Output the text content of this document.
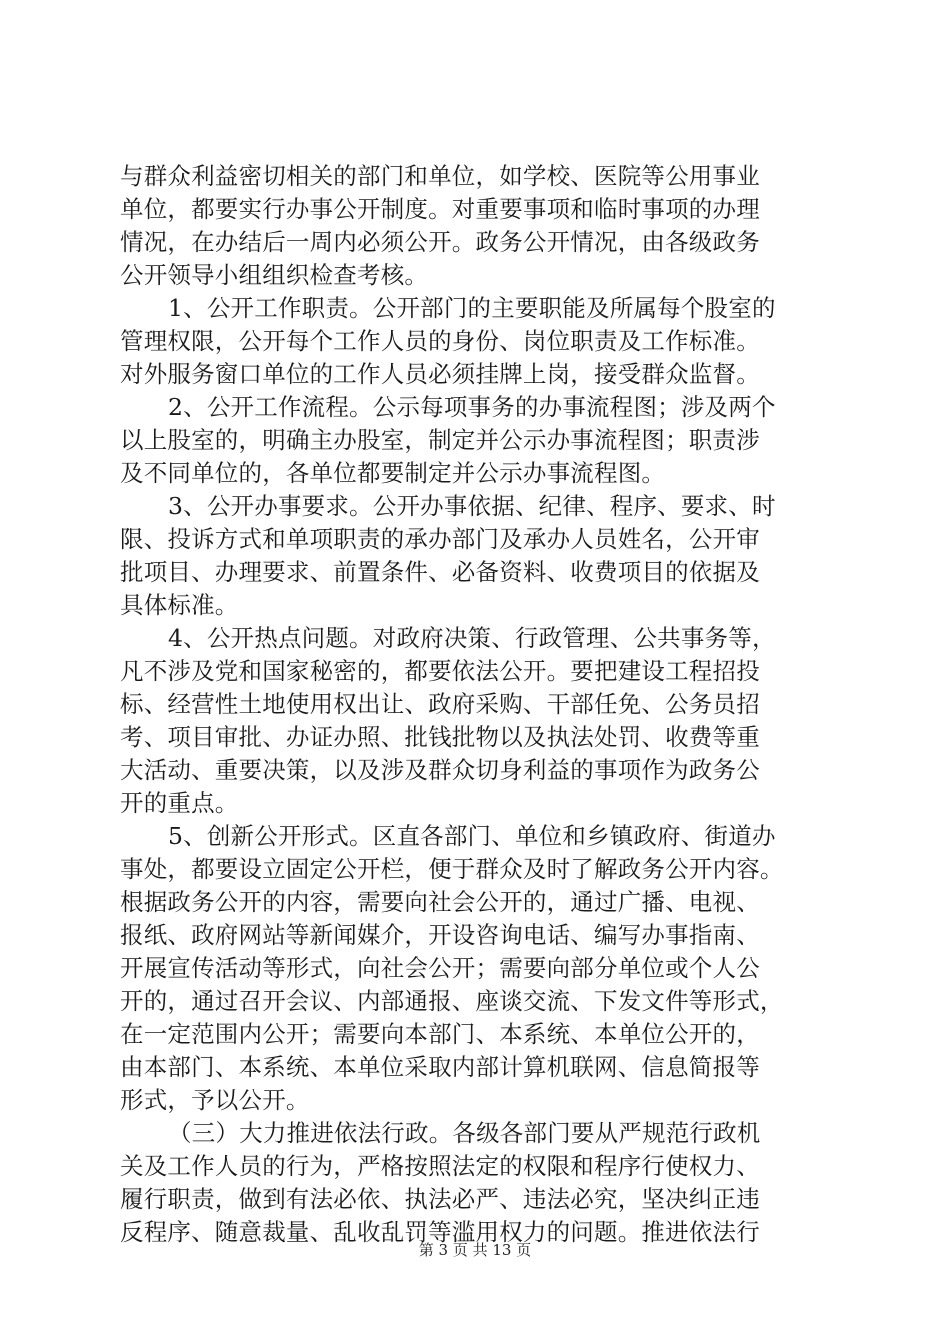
与群众利益密切相关的部门和单位，如学校、医院等公用事业
单位，都要实行办事公开制度。对重要事项和临时事项的办理
情况，在办结后一周内必须公开。政务公开情况，由各级政务
公开领导小组组织检查考核。
1、公开工作职责。公开部门的主要职能及所属每个股室的
管理权限，公开每个工作人员的身份、岗位职责及工作标准。
对外服务窗口单位的工作人员必须挂牌上岗，接受群众监督。
2、公开工作流程。公示每项事务的办事流程图；涉及两个
以上股室的，明确主办股室，制定并公示办事流程图；职责涉
及不同单位的，各单位都要制定并公示办事流程图。
3、公开办事要求。公开办事依据、纪律、程序、要求、时
限、投诉方式和单项职责的承办部门及承办人员姓名，公开审
批项目、办理要求、前置条件、必备资料、收费项目的依据及
具体标准。
4、公开热点问题。对政府决策、行政管理、公共事务等，
凡不涉及党和国家秘密的，都要依法公开。要把建设工程招投
标、经营性土地使用权出让、政府采购、干部任免、公务员招
考、项目审批、办证办照、批钱批物以及执法处罚、收费等重
大活动、重要决策，以及涉及群众切身利益的事项作为政务公
开的重点。
5、创新公开形式。区直各部门、单位和乡镇政府、街道办
事处，都要设立固定公开栏，便于群众及时了解政务公开内容。
根据政务公开的内容，需要向社会公开的，通过广播、电视、
报纸、政府网站等新闻媒介，开设咨询电话、编写办事指南、
开展宣传活动等形式，向社会公开；需要向部分单位或个人公
开的，通过召开会议、内部通报、座谈交流、下发文件等形式，
在一定范围内公开；需要向本部门、本系统、本单位公开的，
由本部门、本系统、本单位采取内部计算机联网、信息简报等
形式，予以公开。
（三）大力推进依法行政。各级各部门要从严规范行政机
关及工作人员的行为，严格按照法定的权限和程序行使权力、
履行职责，做到有法必依、执法必严、违法必究，坚决纠正违
反程序、随意裁量、乱收乱罚等滥用权力的问题。推进依法行
第 3 页 共 13 页
